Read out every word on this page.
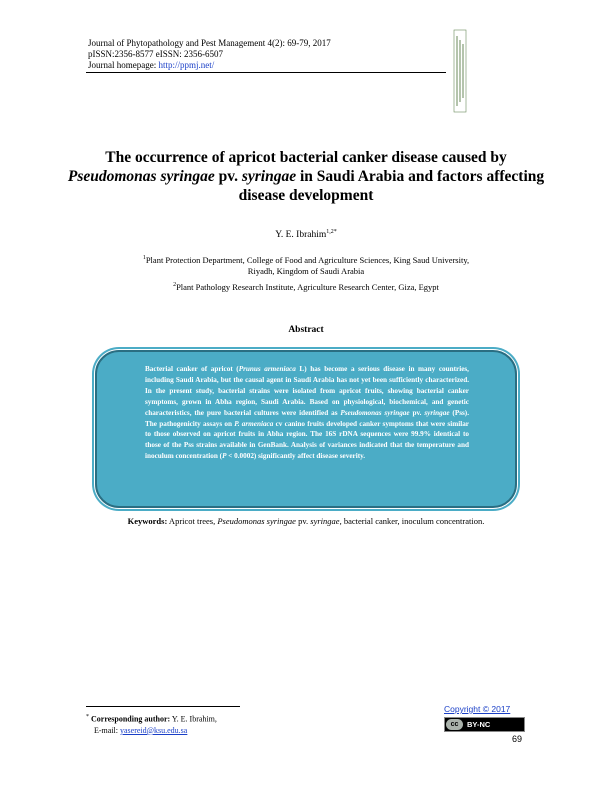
Journal of Phytopathology and Pest Management 4(2): 69-79, 2017
pISSN:2356-8577 eISSN: 2356-6507
Journal homepage: http://ppmj.net/
The occurrence of apricot bacterial canker disease caused by Pseudomonas syringae pv. syringae in Saudi Arabia and factors affecting disease development
Y. E. Ibrahim$^{1,2*}$
$^1$Plant Protection Department, College of Food and Agriculture Sciences, King Saud University,
Riyadh, Kingdom of Saudi Arabia
$^2$Plant Pathology Research Institute, Agriculture Research Center, Giza, Egypt
Abstract
Bacterial canker of apricot (Prunus armeniaca L) has become a serious disease in many countries, including Saudi Arabia, but the causal agent in Saudi Arabia has not yet been sufficiently characterized. In the present study, bacterial strains were isolated from apricot fruits, showing bacterial canker symptoms, grown in Abha region, Saudi Arabia. Based on physiological, biochemical, and genetic characteristics, the pure bacterial cultures were identified as Pseudomonas syringae pv. syringae (Pss). The pathogenicity assays on P. armeniaca cv canino fruits developed canker symptoms that were similar to those observed on apricot fruits in Abha region. The 16S rDNA sequences were 99.9% identical to those of the Pss strains available in GenBank. Analysis of variances indicated that the temperature and inoculum concentration (P < 0.0002) significantly affect disease severity.
Keywords: Apricot trees, Pseudomonas syringae pv. syringae, bacterial canker, inoculum concentration.
* Corresponding author: Y. E. Ibrahim,
E-mail: yasereid@ksu.edu.sa
Copyright © 2017
cc	BY-NC
69
